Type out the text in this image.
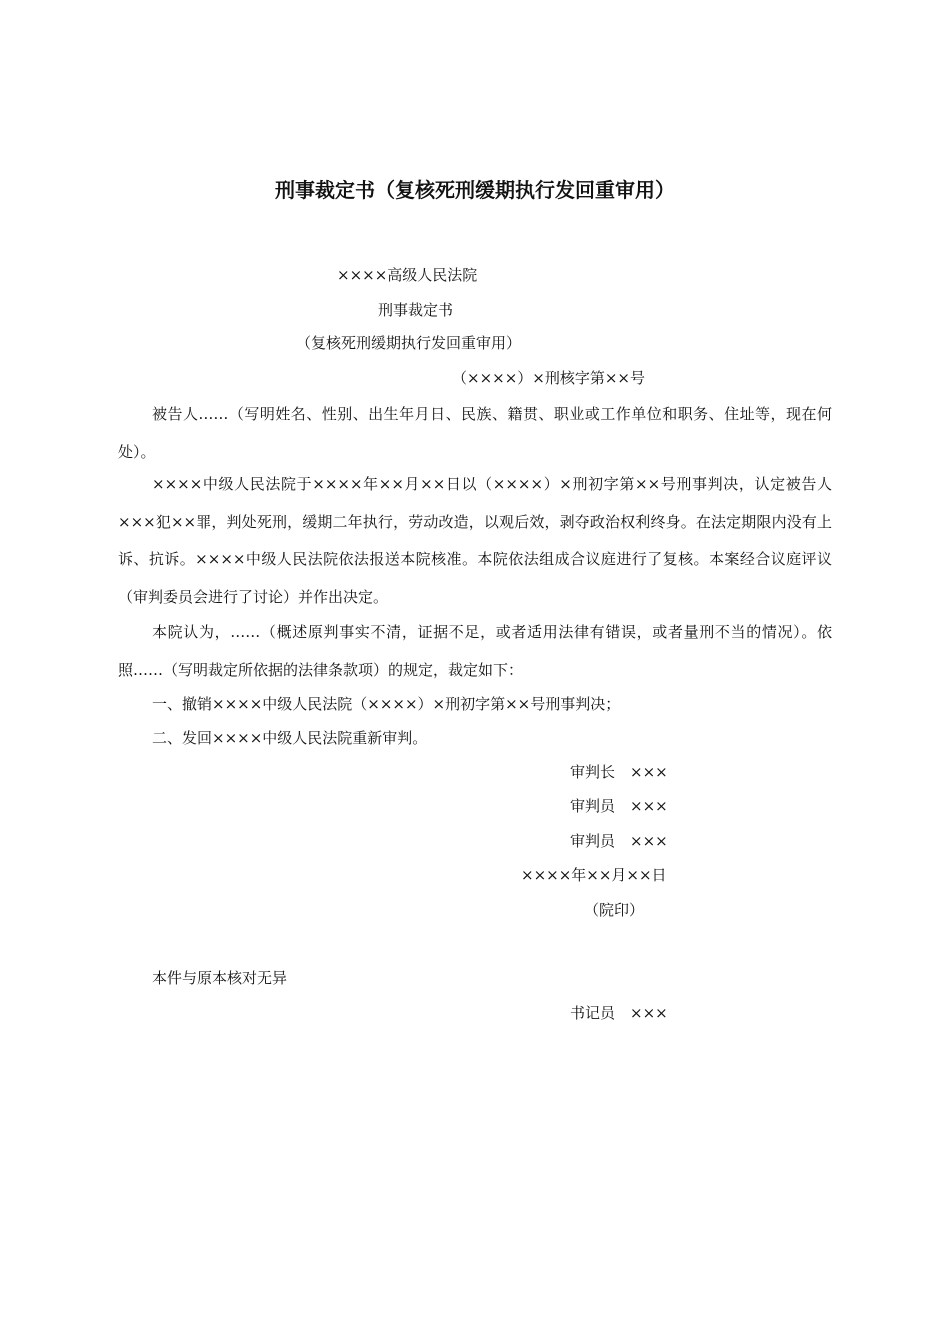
刑事裁定书（复核死刑缓期执行发回重审用）
××××高级人民法院
刑事裁定书
（复核死刑缓期执行发回重审用）
（××××）×刑核字第××号
被告人……（写明姓名、性别、出生年月日、民族、籍贯、职业或工作单位和职务、住址等，现在何处）。
××××中级人民法院于××××年××月××日以（××××）×刑初字第××号刑事判决，认定被告人×××犯××罪，判处死刑，缓期二年执行，劳动改造，以观后效，剥夺政治权利终身。在法定期限内没有上诉、抗诉。××××中级人民法院依法报送本院核准。本院依法组成合议庭进行了复核。本案经合议庭评议（审判委员会进行了讨论）并作出决定。
本院认为，……（概述原判事实不清，证据不足，或者适用法律有错误，或者量刑不当的情况）。依照……（写明裁定所依据的法律条款项）的规定，裁定如下：
一、撤销××××中级人民法院（××××）×刑初字第××号刑事判决；
二、发回××××中级人民法院重新审判。
审判长　×××
审判员　×××
审判员　×××
××××年××月××日
（院印）
本件与原本核对无异
书记员　×××
